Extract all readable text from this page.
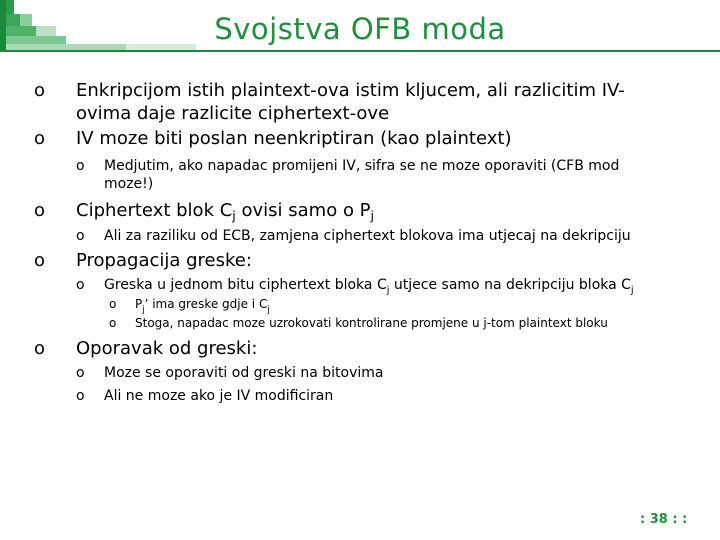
Svojstva OFB moda
o Enkripcijom istih plaintext-ova istim kljucem, ali razlicitim IV-
ovima daje razlicite ciphertext-ove
o IV moze biti poslan neenkriptiran (kao plaintext)
o Medjutim, ako napadac promijeni IV, sifra se ne moze oporaviti (CFB mod
moze!)
o Ciphertext blok $C_j$ ovisi samo o $P_j$
o Ali za raziliku od ECB, zamjena ciphertext blokova ima utjecaj na dekripciju
o Propagacija greske:
o Greska u jednom bitu ciphertext bloka $C_j$ utjece samo na dekripciju bloka $C_j$
o $P_j$’ ima greske gdje i $C_j$
o Stoga, napadac moze uzrokovati kontrolirane promjene u j-tom plaintext bloku
o Oporavak od greski:
o Moze se oporaviti od greski na bitovima
o Ali ne moze ako je IV modificiran
: 38 : :
